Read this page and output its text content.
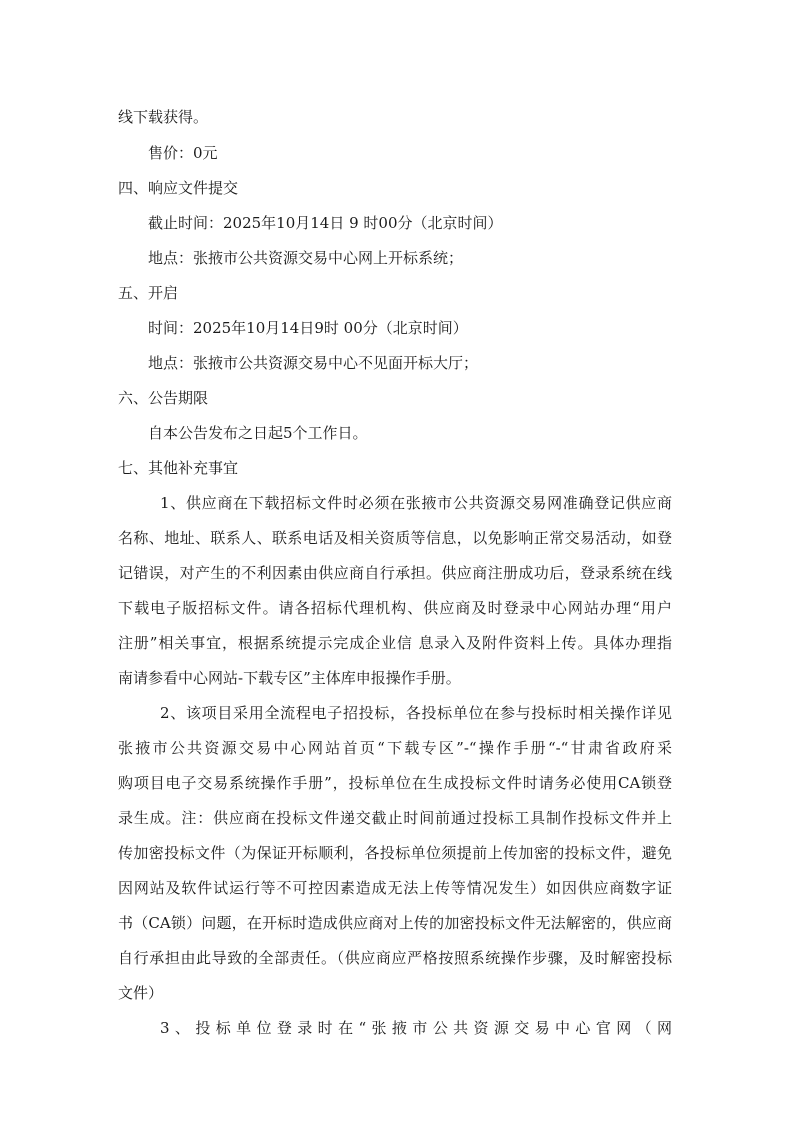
线下载获得。
售价：0元
四、响应文件提交
截止时间：2025年10月14日 9 时00分（北京时间）
地点：张掖市公共资源交易中心网上开标系统；
五、开启
时间：2025年10月14日9时 00分（北京时间）
地点：张掖市公共资源交易中心不见面开标大厅；
六、公告期限
自本公告发布之日起5个工作日。
七、其他补充事宜
1、供应商在下载招标文件时必须在张掖市公共资源交易网准确登记供应商
名称、地址、联系人、联系电话及相关资质等信息，以免影响正常交易活动，如登
记错误，对产生的不利因素由供应商自行承担。供应商注册成功后，登录系统在线
下载电子版招标文件。请各招标代理机构、供应商及时登录中心网站办理“用户
注册”相关事宜，根据系统提示完成企业信 息录入及附件资料上传。具体办理指
南请参看中心网站-下载专区”主体库申报操作手册。
2、该项目采用全流程电子招投标，各投标单位在参与投标时相关操作详见
张掖市公共资源交易中心网站首页“下载专区”-“操作手册“-“甘肃省政府采
购项目电子交易系统操作手册”，投标单位在生成投标文件时请务必使用CA锁登
录生成。注：供应商在投标文件递交截止时间前通过投标工具制作投标文件并上
传加密投标文件（为保证开标顺利，各投标单位须提前上传加密的投标文件，避免
因网站及软件试运行等不可控因素造成无法上传等情况发生）如因供应商数字证
书（CA锁）问题，在开标时造成供应商对上传的加密投标文件无法解密的，供应商
自行承担由此导致的全部责任。（供应商应严格按照系统操作步骤，及时解密投标
文件）
3、投标单位登录时在“张掖市公共资源交易中心官网（网
